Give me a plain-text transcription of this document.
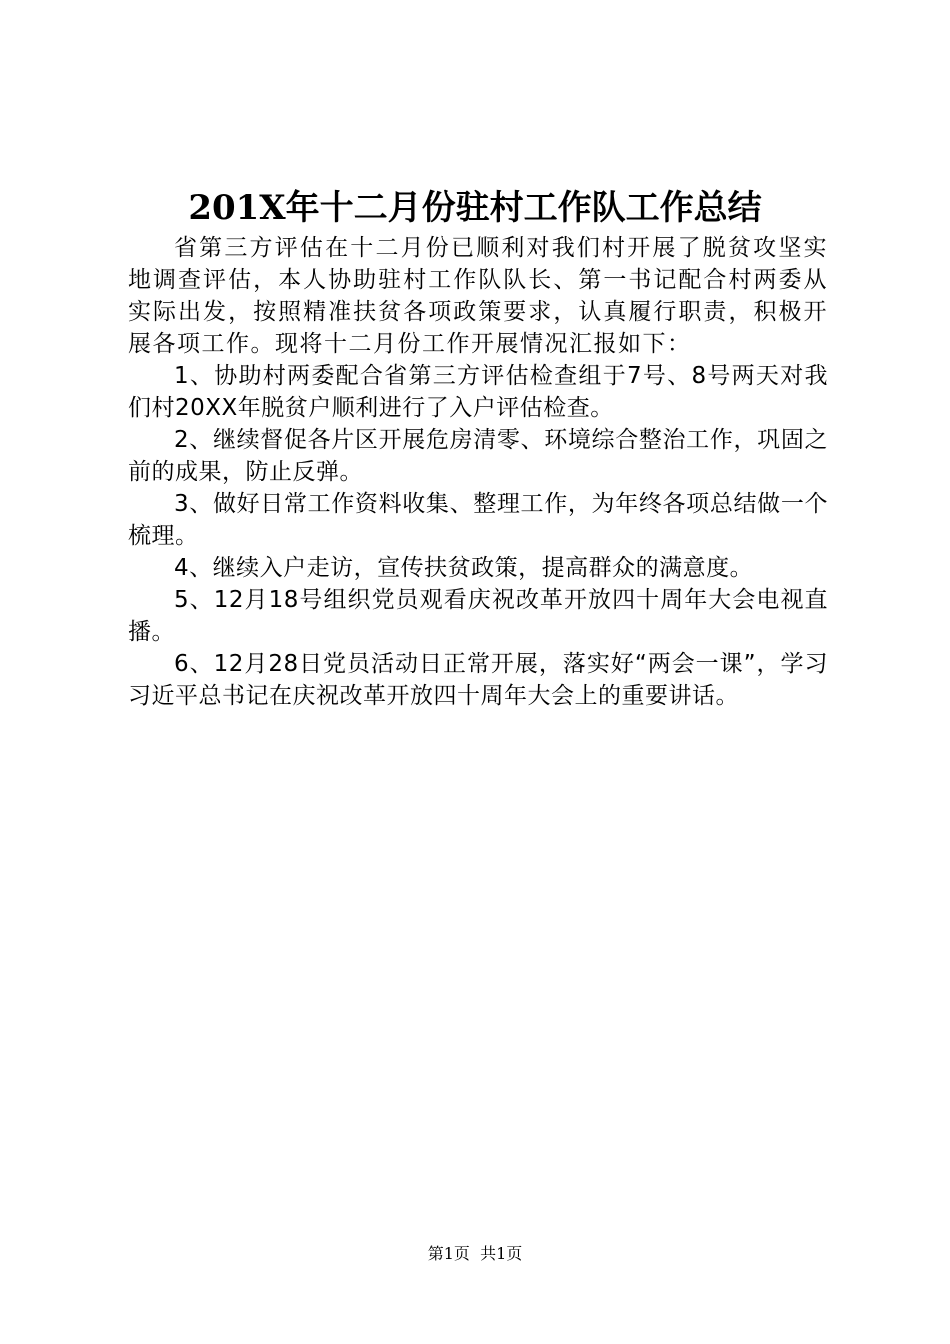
201X年十二月份驻村工作队工作总结

省第三方评估在十二月份已顺利对我们村开展了脱贫攻坚实地调查评估，本人协助驻村工作队队长、第一书记配合村两委从实际出发，按照精准扶贫各项政策要求，认真履行职责，积极开展各项工作。现将十二月份工作开展情况汇报如下：

1、协助村两委配合省第三方评估检查组于7号、8号两天对我们村20XX年脱贫户顺利进行了入户评估检查。

2、继续督促各片区开展危房清零、环境综合整治工作，巩固之前的成果，防止反弹。

3、做好日常工作资料收集、整理工作，为年终各项总结做一个梳理。

4、继续入户走访，宣传扶贫政策，提高群众的满意度。

5、12月18号组织党员观看庆祝改革开放四十周年大会电视直播。

6、12月28日党员活动日正常开展，落实好“两会一课”，学习习近平总书记在庆祝改革开放四十周年大会上的重要讲话。

第1页  共1页
